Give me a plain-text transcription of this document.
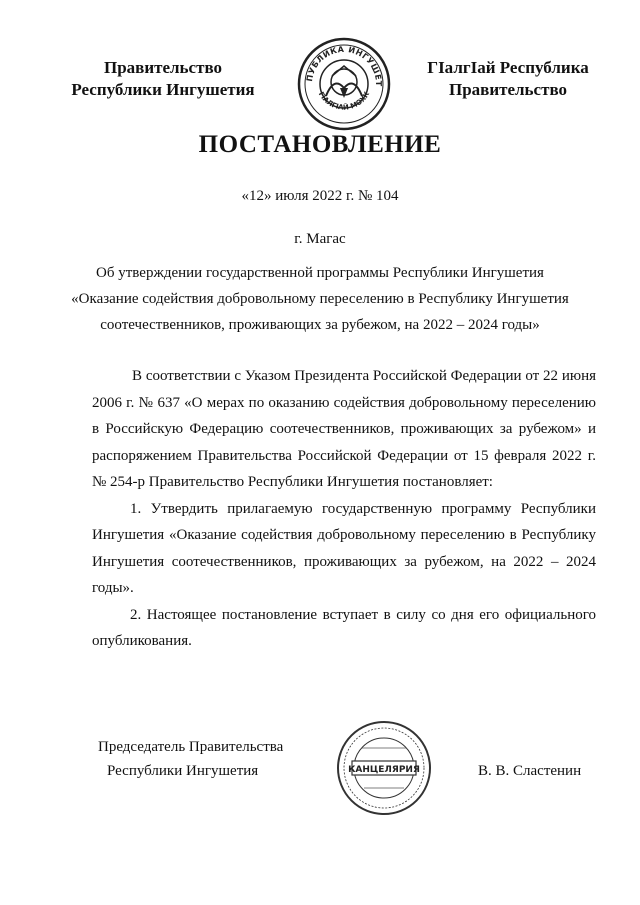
Правительство
Республики Ингушетия
ПУБЛИКА ИНГУШЕТ
ГIАЛГIАЙ МОХК
ГIалгIай Республика
Правительство
ПОСТАНОВЛЕНИЕ
«12» июля 2022 г. № 104
г. Магас
Об утверждении государственной программы Республики Ингушетия
«Оказание содействия добровольному переселению в Республику Ингушетия
соотечественников, проживающих за рубежом, на 2022 – 2024 годы»
В соответствии с Указом Президента Российской Федерации от 22 июня 2006 г. № 637 «О мерах по оказанию содействия добровольному переселению в Российскую Федерацию соотечественников, проживающих за рубежом» и распоряжением Правительства Российской Федерации от 15 февраля 2022 г. № 254-р Правительство Республики Ингушетия постановляет:
1. Утвердить прилагаемую государственную программу Республики Ингушетия «Оказание содействия добровольному переселению в Республику Ингушетия соотечественников, проживающих за рубежом, на 2022 – 2024 годы».
2. Настоящее постановление вступает в силу со дня его официального опубликования.
Председатель Правительства
Республики Ингушетия	КАНЦЕЛЯРИЯ	В. В. Сластенин
